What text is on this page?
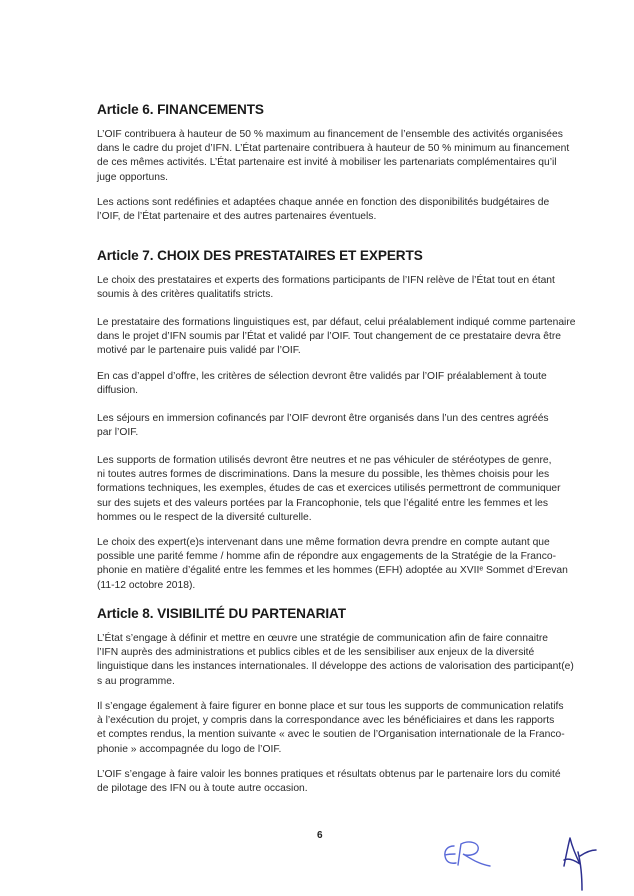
Article 6. FINANCEMENTS
L’OIF contribuera à hauteur de 50 % maximum au financement de l’ensemble des activités organisées
dans le cadre du projet d’IFN. L’État partenaire contribuera à hauteur de 50 % minimum au financement
de ces mêmes activités. L’État partenaire est invité à mobiliser les partenariats complémentaires qu’il
juge opportuns.
Les actions sont redéfinies et adaptées chaque année en fonction des disponibilités budgétaires de
l’OIF, de l’État partenaire et des autres partenaires éventuels.
Article 7. CHOIX DES PRESTATAIRES ET EXPERTS
Le choix des prestataires et experts des formations participants de l’IFN relève de l’État tout en étant
soumis à des critères qualitatifs stricts.
Le prestataire des formations linguistiques est, par défaut, celui préalablement indiqué comme partenaire
dans le projet d’IFN soumis par l’État et validé par l’OIF. Tout changement de ce prestataire devra être
motivé par le partenaire puis validé par l’OIF.
En cas d’appel d’offre, les critères de sélection devront être validés par l’OIF préalablement à toute
diffusion.
Les séjours en immersion cofinancés par l’OIF devront être organisés dans l’un des centres agréés
par l’OIF.
Les supports de formation utilisés devront être neutres et ne pas véhiculer de stéréotypes de genre,
ni toutes autres formes de discriminations. Dans la mesure du possible, les thèmes choisis pour les
formations techniques, les exemples, études de cas et exercices utilisés permettront de communiquer
sur des sujets et des valeurs portées par la Francophonie, tels que l’égalité entre les femmes et les
hommes ou le respect de la diversité culturelle.
Le choix des expert(e)s intervenant dans une même formation devra prendre en compte autant que
possible une parité femme / homme afin de répondre aux engagements de la Stratégie de la Franco-
phonie en matière d’égalité entre les femmes et les hommes (EFH) adoptée au XVIIᵉ Sommet d’Erevan
(11-12 octobre 2018).
Article 8. VISIBILITÉ DU PARTENARIAT
L’État s’engage à définir et mettre en œuvre une stratégie de communication afin de faire connaitre
l’IFN auprès des administrations et publics cibles et de les sensibiliser aux enjeux de la diversité
linguistique dans les instances internationales. Il développe des actions de valorisation des participant(e)
s au programme.
Il s’engage également à faire figurer en bonne place et sur tous les supports de communication relatifs
à l’exécution du projet, y compris dans la correspondance avec les bénéficiaires et dans les rapports
et comptes rendus, la mention suivante « avec le soutien de l’Organisation internationale de la Franco-
phonie » accompagnée du logo de l’OIF.
L’OIF s’engage à faire valoir les bonnes pratiques et résultats obtenus par le partenaire lors du comité
de pilotage des IFN ou à toute autre occasion.
6
